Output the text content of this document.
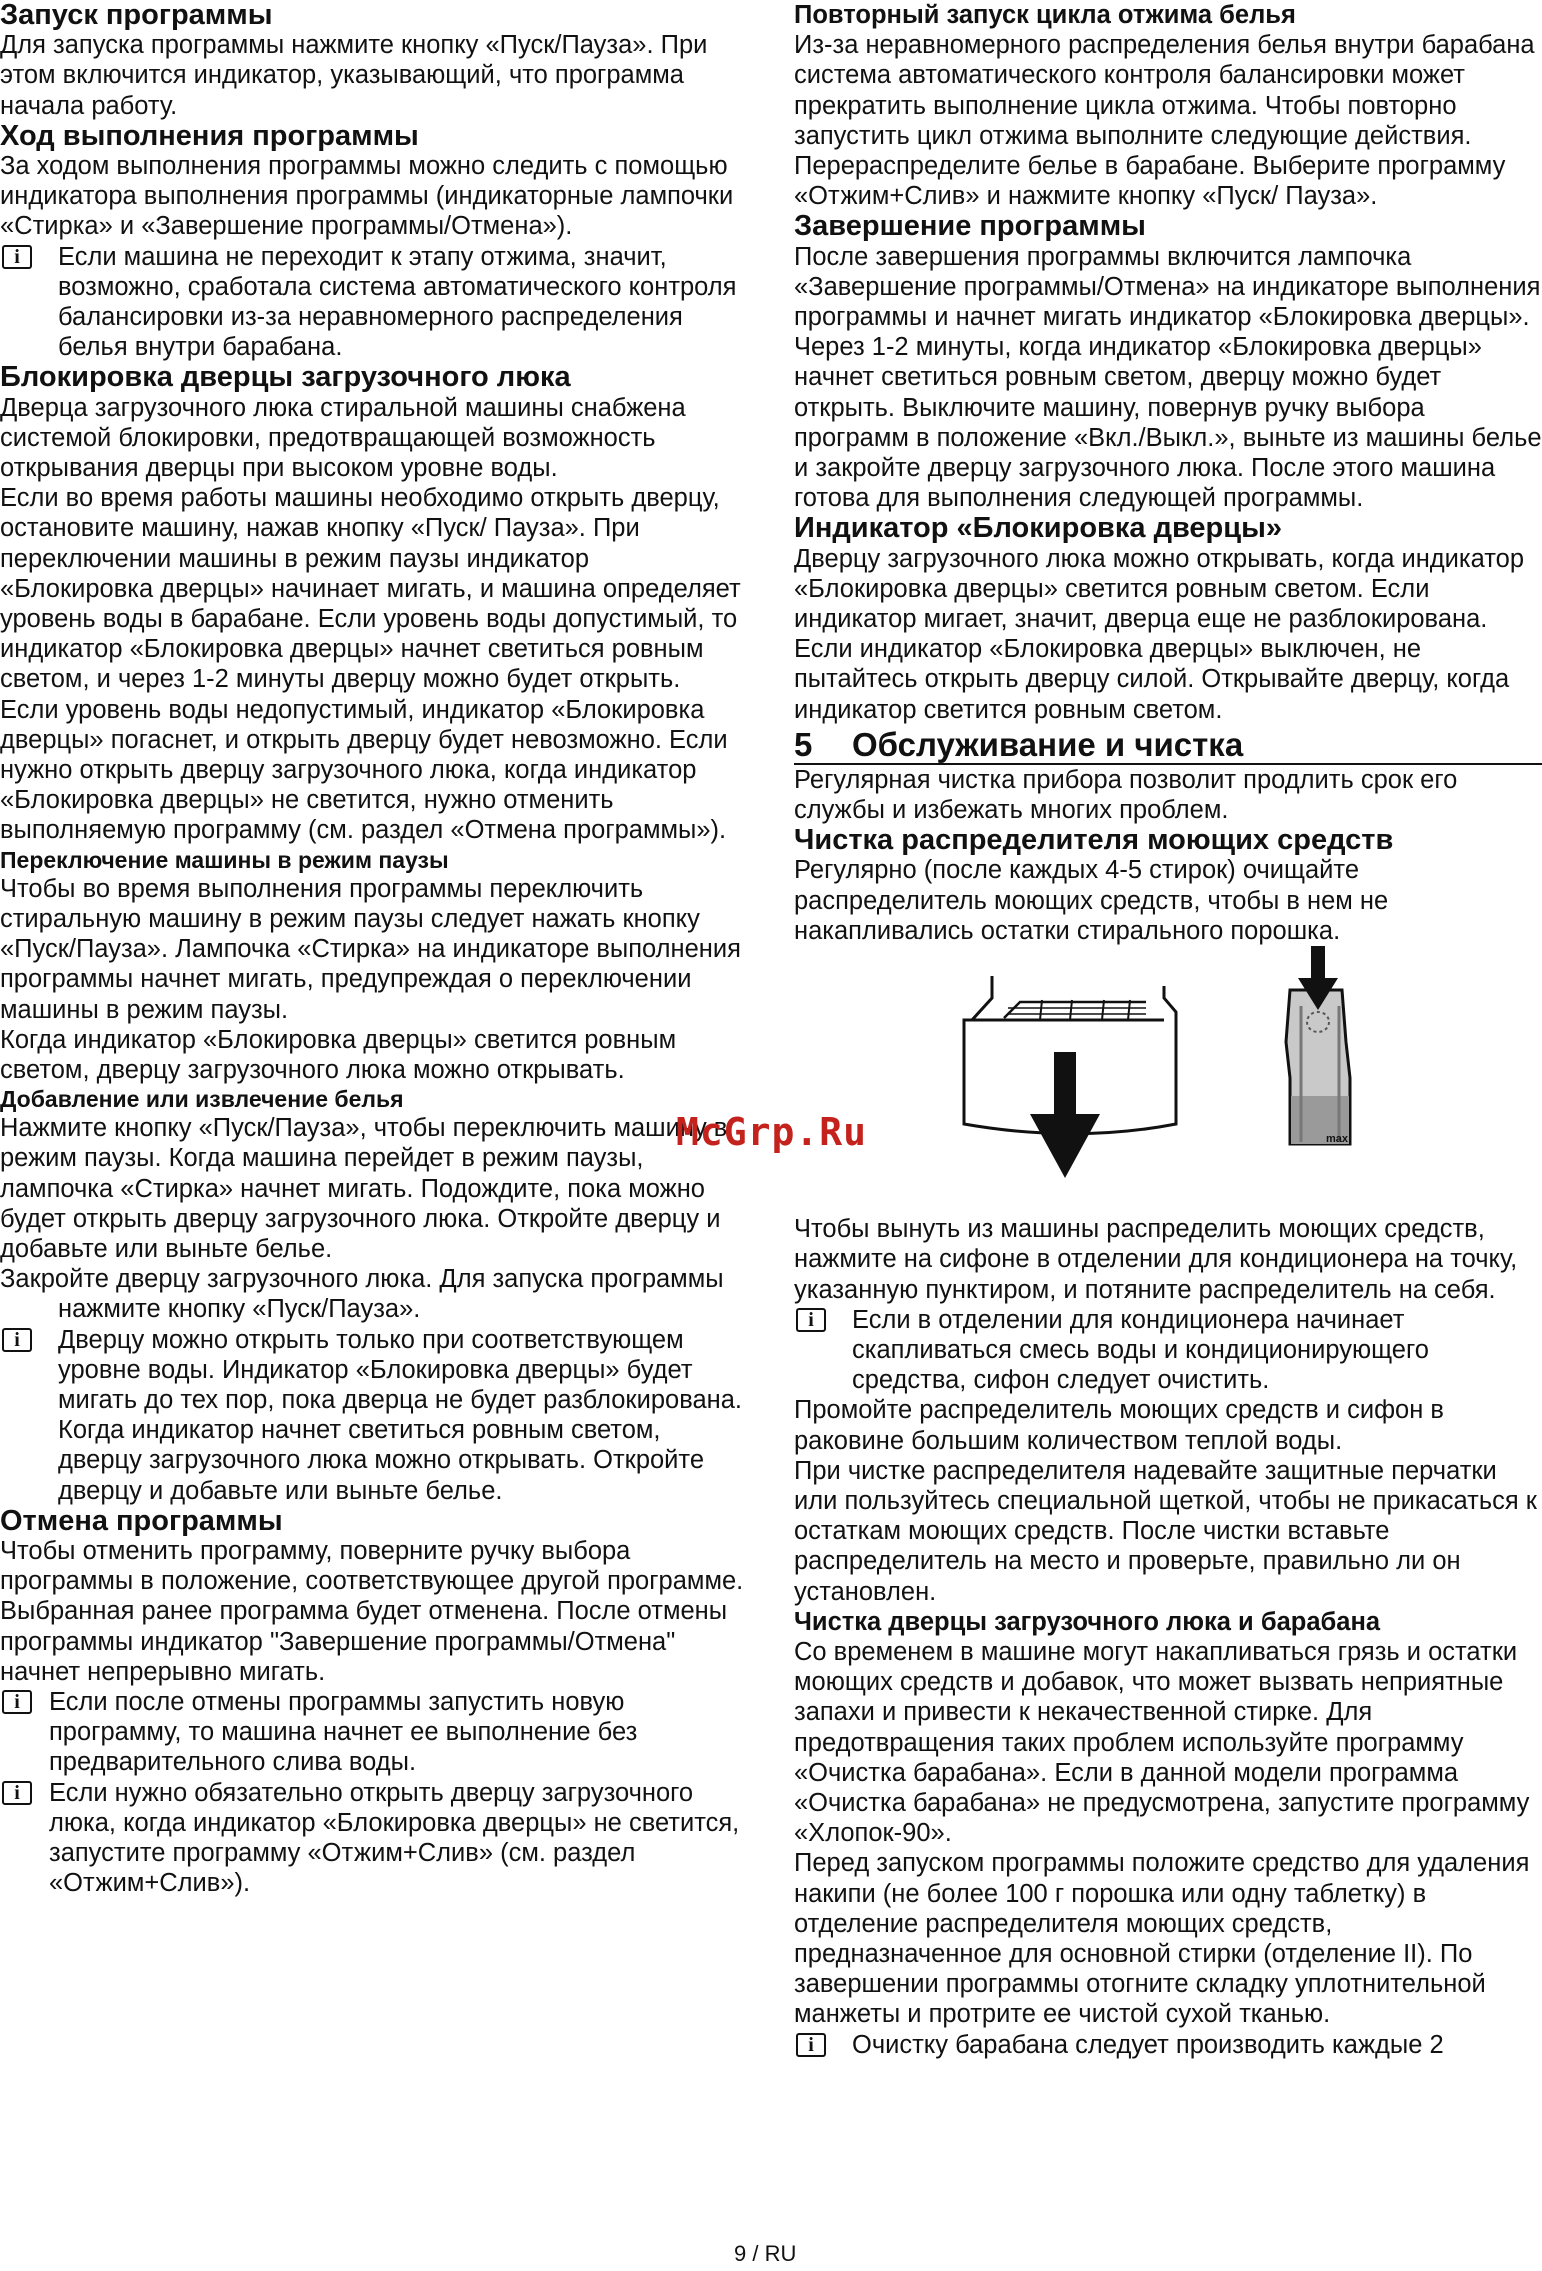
Запуск программы

Для запуска программы нажмите кнопку «Пуск/Пауза». При этом включится индикатор, указывающий, что программа начала работу.

Ход выполнения программы

За ходом выполнения программы можно следить с помощью индикатора выполнения программы (индикаторные лампочки «Стирка» и «Завершение программы/Отмена»).

i	Если машина не переходит к этапу отжима, значит, возможно, сработала система автоматического контроля балансировки из-за неравномерного распределения белья внутри барабана.
Блокировка дверцы загрузочного люка

Дверца загрузочного люка стиральной машины снабжена системой блокировки, предотвращающей возможность открывания дверцы при высоком уровне воды.

Если во время работы машины необходимо открыть дверцу, остановите машину, нажав кнопку «Пуск/ Пауза». При переключении машины в режим паузы индикатор «Блокировка дверцы» начинает мигать, и машина определяет уровень воды в барабане. Если уровень воды допустимый, то индикатор «Блокировка дверцы» начнет светиться ровным светом, и через 1-2 минуты дверцу можно будет открыть.

Если уровень воды недопустимый, индикатор «Блокировка дверцы» погаснет, и открыть дверцу будет невозможно. Если нужно открыть дверцу загрузочного люка, когда индикатор «Блокировка дверцы» не светится, нужно отменить выполняемую программу (см. раздел «Отмена программы»).

Переключение машины в режим паузы

Чтобы во время выполнения программы переключить стиральную машину в режим паузы следует нажать кнопку «Пуск/Пауза». Лампочка «Стирка» на индикаторе выполнения программы начнет мигать, предупреждая о переключении машины в режим паузы.

Когда индикатор «Блокировка дверцы» светится ровным светом, дверцу загрузочного люка можно открывать.

Добавление или извлечение белья

Нажмите кнопку «Пуск/Пауза», чтобы переключить машину в режим паузы. Когда машина перейдет в режим паузы, лампочка «Стирка» начнет мигать. Подождите, пока можно будет открыть дверцу загрузочного люка. Откройте дверцу и добавьте или выньте белье.

Закройте дверцу загрузочного люка. Для запуска программы нажмите кнопку «Пуск/Пауза».

i	Дверцу можно открыть только при соответствующем уровне воды. Индикатор «Блокировка дверцы» будет мигать до тех пор, пока дверца не будет разблокирована. Когда индикатор начнет светиться ровным светом, дверцу загрузочного люка можно открывать. Откройте дверцу и добавьте или выньте белье.
Отмена программы

Чтобы отменить программу, поверните ручку выбора программы в положение, соответствующее другой программе. Выбранная ранее программа будет отменена. После отмены программы индикатор "Завершение программы/Отмена" начнет непрерывно мигать.

i	Если после отмены программы запустить новую программу, то машина начнет ее выполнение без предварительного слива воды.
i	Если нужно обязательно открыть дверцу загрузочного люка, когда индикатор «Блокировка дверцы» не светится, запустите программу «Отжим+Слив» (см. раздел «Отжим+Слив»).
Повторный запуск цикла отжима белья

Из-за неравномерного распределения белья внутри барабана система автоматического контроля балансировки может прекратить выполнение цикла отжима. Чтобы повторно запустить цикл отжима выполните следующие действия.

Перераспределите белье в барабане. Выберите программу «Отжим+Слив» и нажмите кнопку «Пуск/ Пауза».

Завершение программы

После завершения программы включится лампочка «Завершение программы/Отмена» на индикаторе выполнения программы и начнет мигать индикатор «Блокировка дверцы». Через 1-2 минуты, когда индикатор «Блокировка дверцы» начнет светиться ровным светом, дверцу можно будет открыть. Выключите машину, повернув ручку выбора программ в положение «Вкл./Выкл.», выньте из машины белье и закройте дверцу загрузочного люка. После этого машина готова для выполнения следующей программы.

Индикатор «Блокировка дверцы»

Дверцу загрузочного люка можно открывать, когда индикатор «Блокировка дверцы» светится ровным светом. Если индикатор мигает, значит, дверца еще не разблокирована. Если индикатор «Блокировка дверцы» выключен, не пытайтесь открыть дверцу силой. Открывайте дверцу, когда индикатор светится ровным светом.

5 Обслуживание и чистка

Регулярная чистка прибора позволит продлить срок его службы и избежать многих проблем.

Чистка распределителя моющих средств

Регулярно (после каждых 4-5 стирок) очищайте распределитель моющих средств, чтобы в нем не накапливались остатки стирального порошка.

max

Чтобы вынуть из машины распределить моющих средств, нажмите на сифоне в отделении для кондиционера на точку, указанную пунктиром, и потяните распределитель на себя.

i	Если в отделении для кондиционера начинает скапливаться смесь воды и кондиционирующего средства, сифон следует очистить.

Промойте распределитель моющих средств и сифон в раковине большим количеством теплой воды.

При чистке распределителя надевайте защитные перчатки или пользуйтесь специальной щеткой, чтобы не прикасаться к остаткам моющих средств. После чистки вставьте распределитель на место и проверьте, правильно ли он установлен.

Чистка дверцы загрузочного люка и барабана

Со временем в машине могут накапливаться грязь и остатки моющих средств и добавок, что может вызвать неприятные запахи и привести к некачественной стирке. Для предотвращения таких проблем используйте программу «Очистка барабана». Если в данной модели программа «Очистка барабана» не предусмотрена, запустите программу «Хлопок-90».

Перед запуском программы положите средство для удаления накипи (не более 100 г порошка или одну таблетку) в отделение распределителя моющих средств, предназначенное для основной стирки (отделение II). По завершении программы отогните складку уплотнительной манжеты и протрите ее чистой сухой тканью.

i	Очистку барабана следует производить каждые 2
McGrp.Ru
9 / RU
